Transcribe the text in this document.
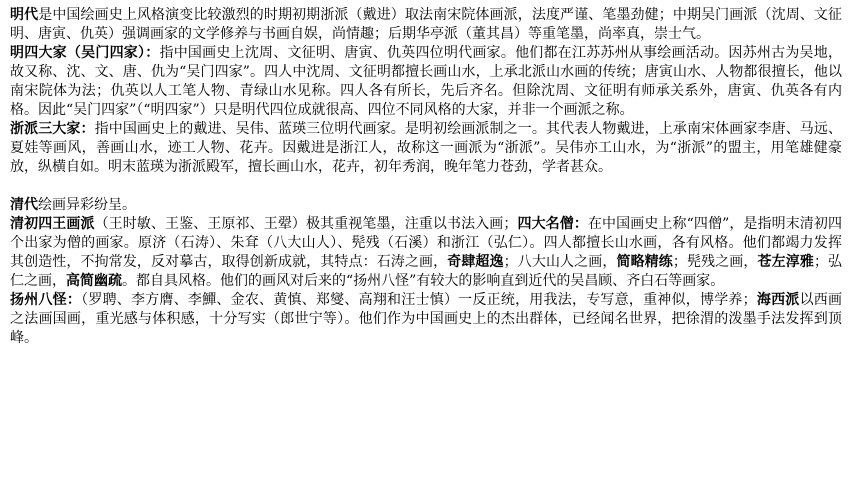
明代是中国绘画史上风格演变比较激烈的时期初期浙派（戴进）取法南宋院体画派，法度严谨、笔墨劲健；中期吴门画派（沈周、文征明、唐寅、仇英）强调画家的文学修养与书画自娱，尚情趣；后期华亭派（董其昌）等重笔墨，尚率真，崇士气。

明四大家（吴门四家）：指中国画史上沈周、文征明、唐寅、仇英四位明代画家。他们都在江苏苏州从事绘画活动。因苏州古为吴地，故又称、沈、文、唐、仇为“吴门四家”。四人中沈周、文征明都擅长画山水，上承北派山水画的传统；唐寅山水、人物都很擅长，他以南宋院体为法；仇英以人工笔人物、青绿山水见称。四人各有所长，先后齐名。但除沈周、文征明有师承关系外，唐寅、仇英各有内格。因此“吴门四家”（“明四家”）只是明代四位成就很高、四位不同风格的大家，并非一个画派之称。

浙派三大家：指中国画史上的戴进、吴伟、蓝瑛三位明代画家。是明初绘画派制之一。其代表人物戴进，上承南宋体画家李唐、马远、夏娃等画风，善画山水，迹工人物、花卉。因戴进是浙江人，故称这一画派为“浙派”。吴伟亦工山水，为“浙派”的盟主，用笔雄健豪放，纵横自如。明末蓝瑛为浙派殿军，擅长画山水，花卉，初年秀润，晚年笔力苍劲，学者甚众。

清代绘画异彩纷呈。

清初四王画派（王时敏、王鉴、王原祁、王翚）极其重视笔墨，注重以书法入画；四大名僧：在中国画史上称“四僧”，是指明末清初四个出家为僧的画家。原济（石涛）、朱耷（八大山人）、髡残（石溪）和浙江（弘仁）。四人都擅长山水画，各有风格。他们都竭力发挥其创造性，不拘常发，反对摹古，取得创新成就，其特点：石涛之画，奇肆超逸；八大山人之画，简略精练；髡残之画，苍左淳雅；弘仁之画，高简幽疏。都自具风格。他们的画风对后来的“扬州八怪”有较大的影响直到近代的吴昌顾、齐白石等画家。

扬州八怪：（罗聘、李方膺、李鱓、金农、黄慎、郑燮、高翔和汪士慎）一反正统，用我法，专写意，重神似，博学养；海西派以西画之法画国画，重光感与体积感，十分写实（郎世宁等）。他们作为中国画史上的杰出群体，已经闻名世界，把徐渭的泼墨手法发挥到顶峰。
